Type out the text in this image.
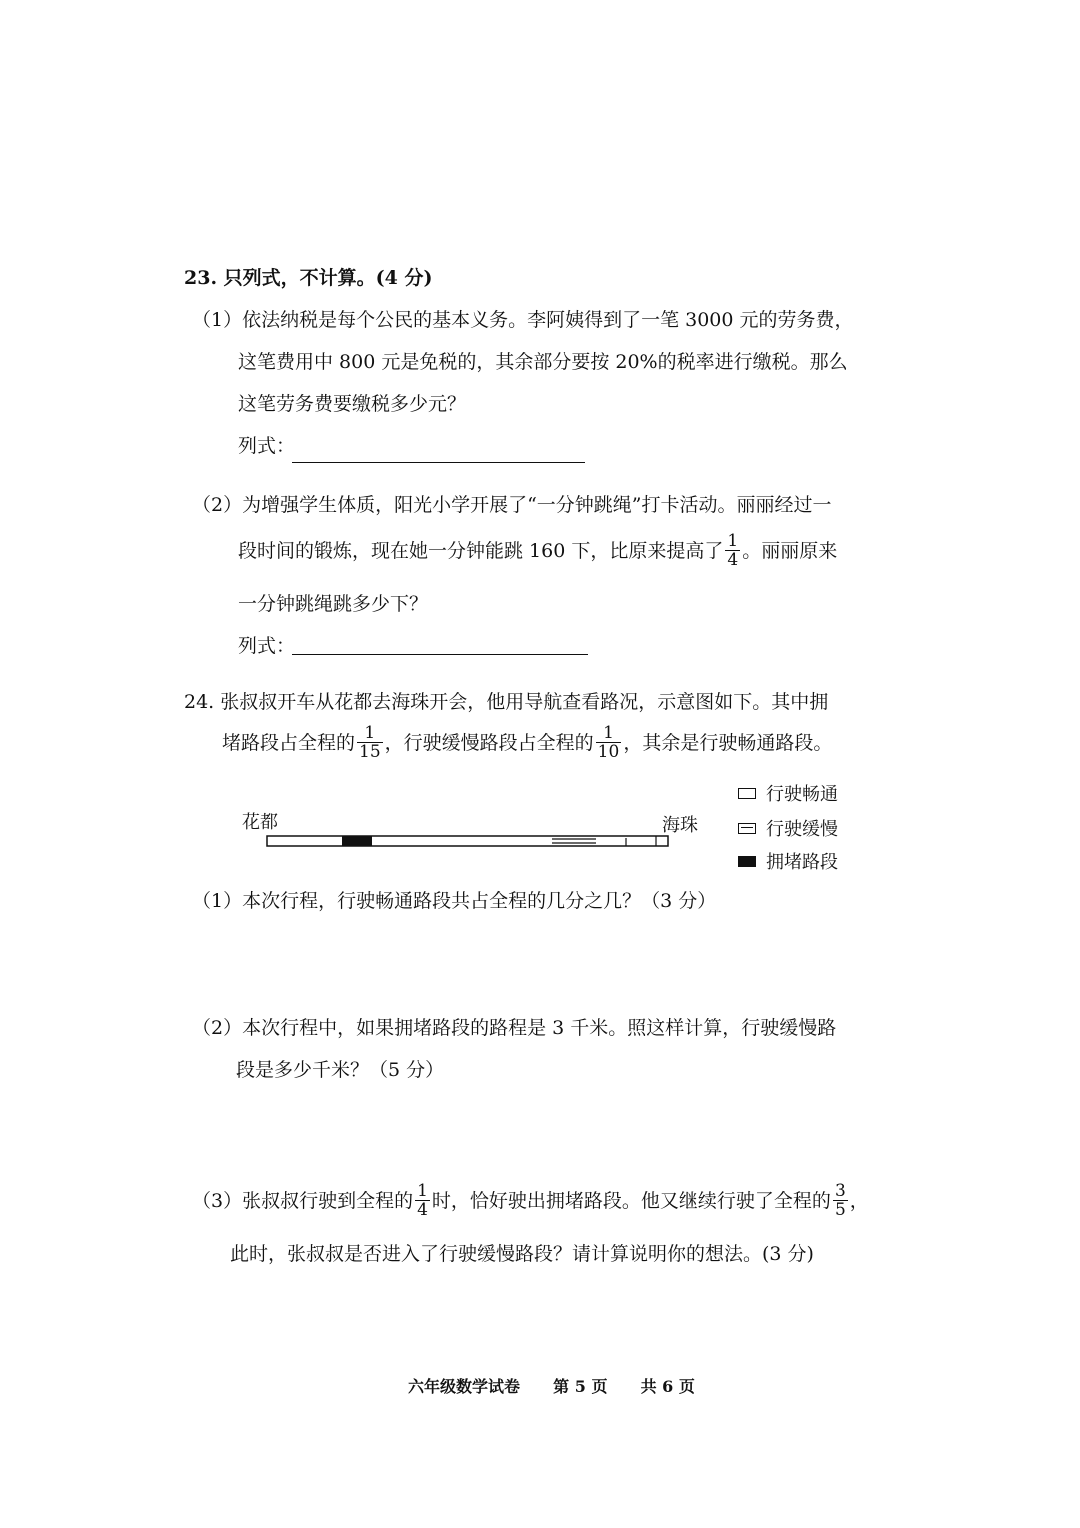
23. 只列式，不计算。(4 分)
（1）依法纳税是每个公民的基本义务。李阿姨得到了一笔 3000 元的劳务费，
这笔费用中 800 元是免税的，其余部分要按 20%的税率进行缴税。那么
这笔劳务费要缴税多少元？
列式：
（2）为增强学生体质，阳光小学开展了“一分钟跳绳”打卡活动。丽丽经过一
段时间的锻炼，现在她一分钟能跳 160 下，比原来提高了 $\frac{1}{4}$ 。丽丽原来
一分钟跳绳跳多少下？
列式：
24. 张叔叔开车从花都去海珠开会，他用导航查看路况，示意图如下。其中拥
堵路段占全程的 $\frac{1}{15}$ ，行驶缓慢路段占全程的 $\frac{1}{10}$ ，其余是行驶畅通路段。
花都	海珠
行驶畅通
行驶缓慢
拥堵路段
（1）本次行程，行驶畅通路段共占全程的几分之几？（3 分）
（2）本次行程中，如果拥堵路段的路程是 3 千米。照这样计算，行驶缓慢路
段是多少千米？（5 分）
（3）张叔叔行驶到全程的 $\frac{1}{4}$ 时，恰好驶出拥堵路段。他又继续行驶了全程的 $\frac{3}{5}$ ，
此时，张叔叔是否进入了行驶缓慢路段？请计算说明你的想法。(3 分)
六年级数学试卷 第 5 页 共 6 页
